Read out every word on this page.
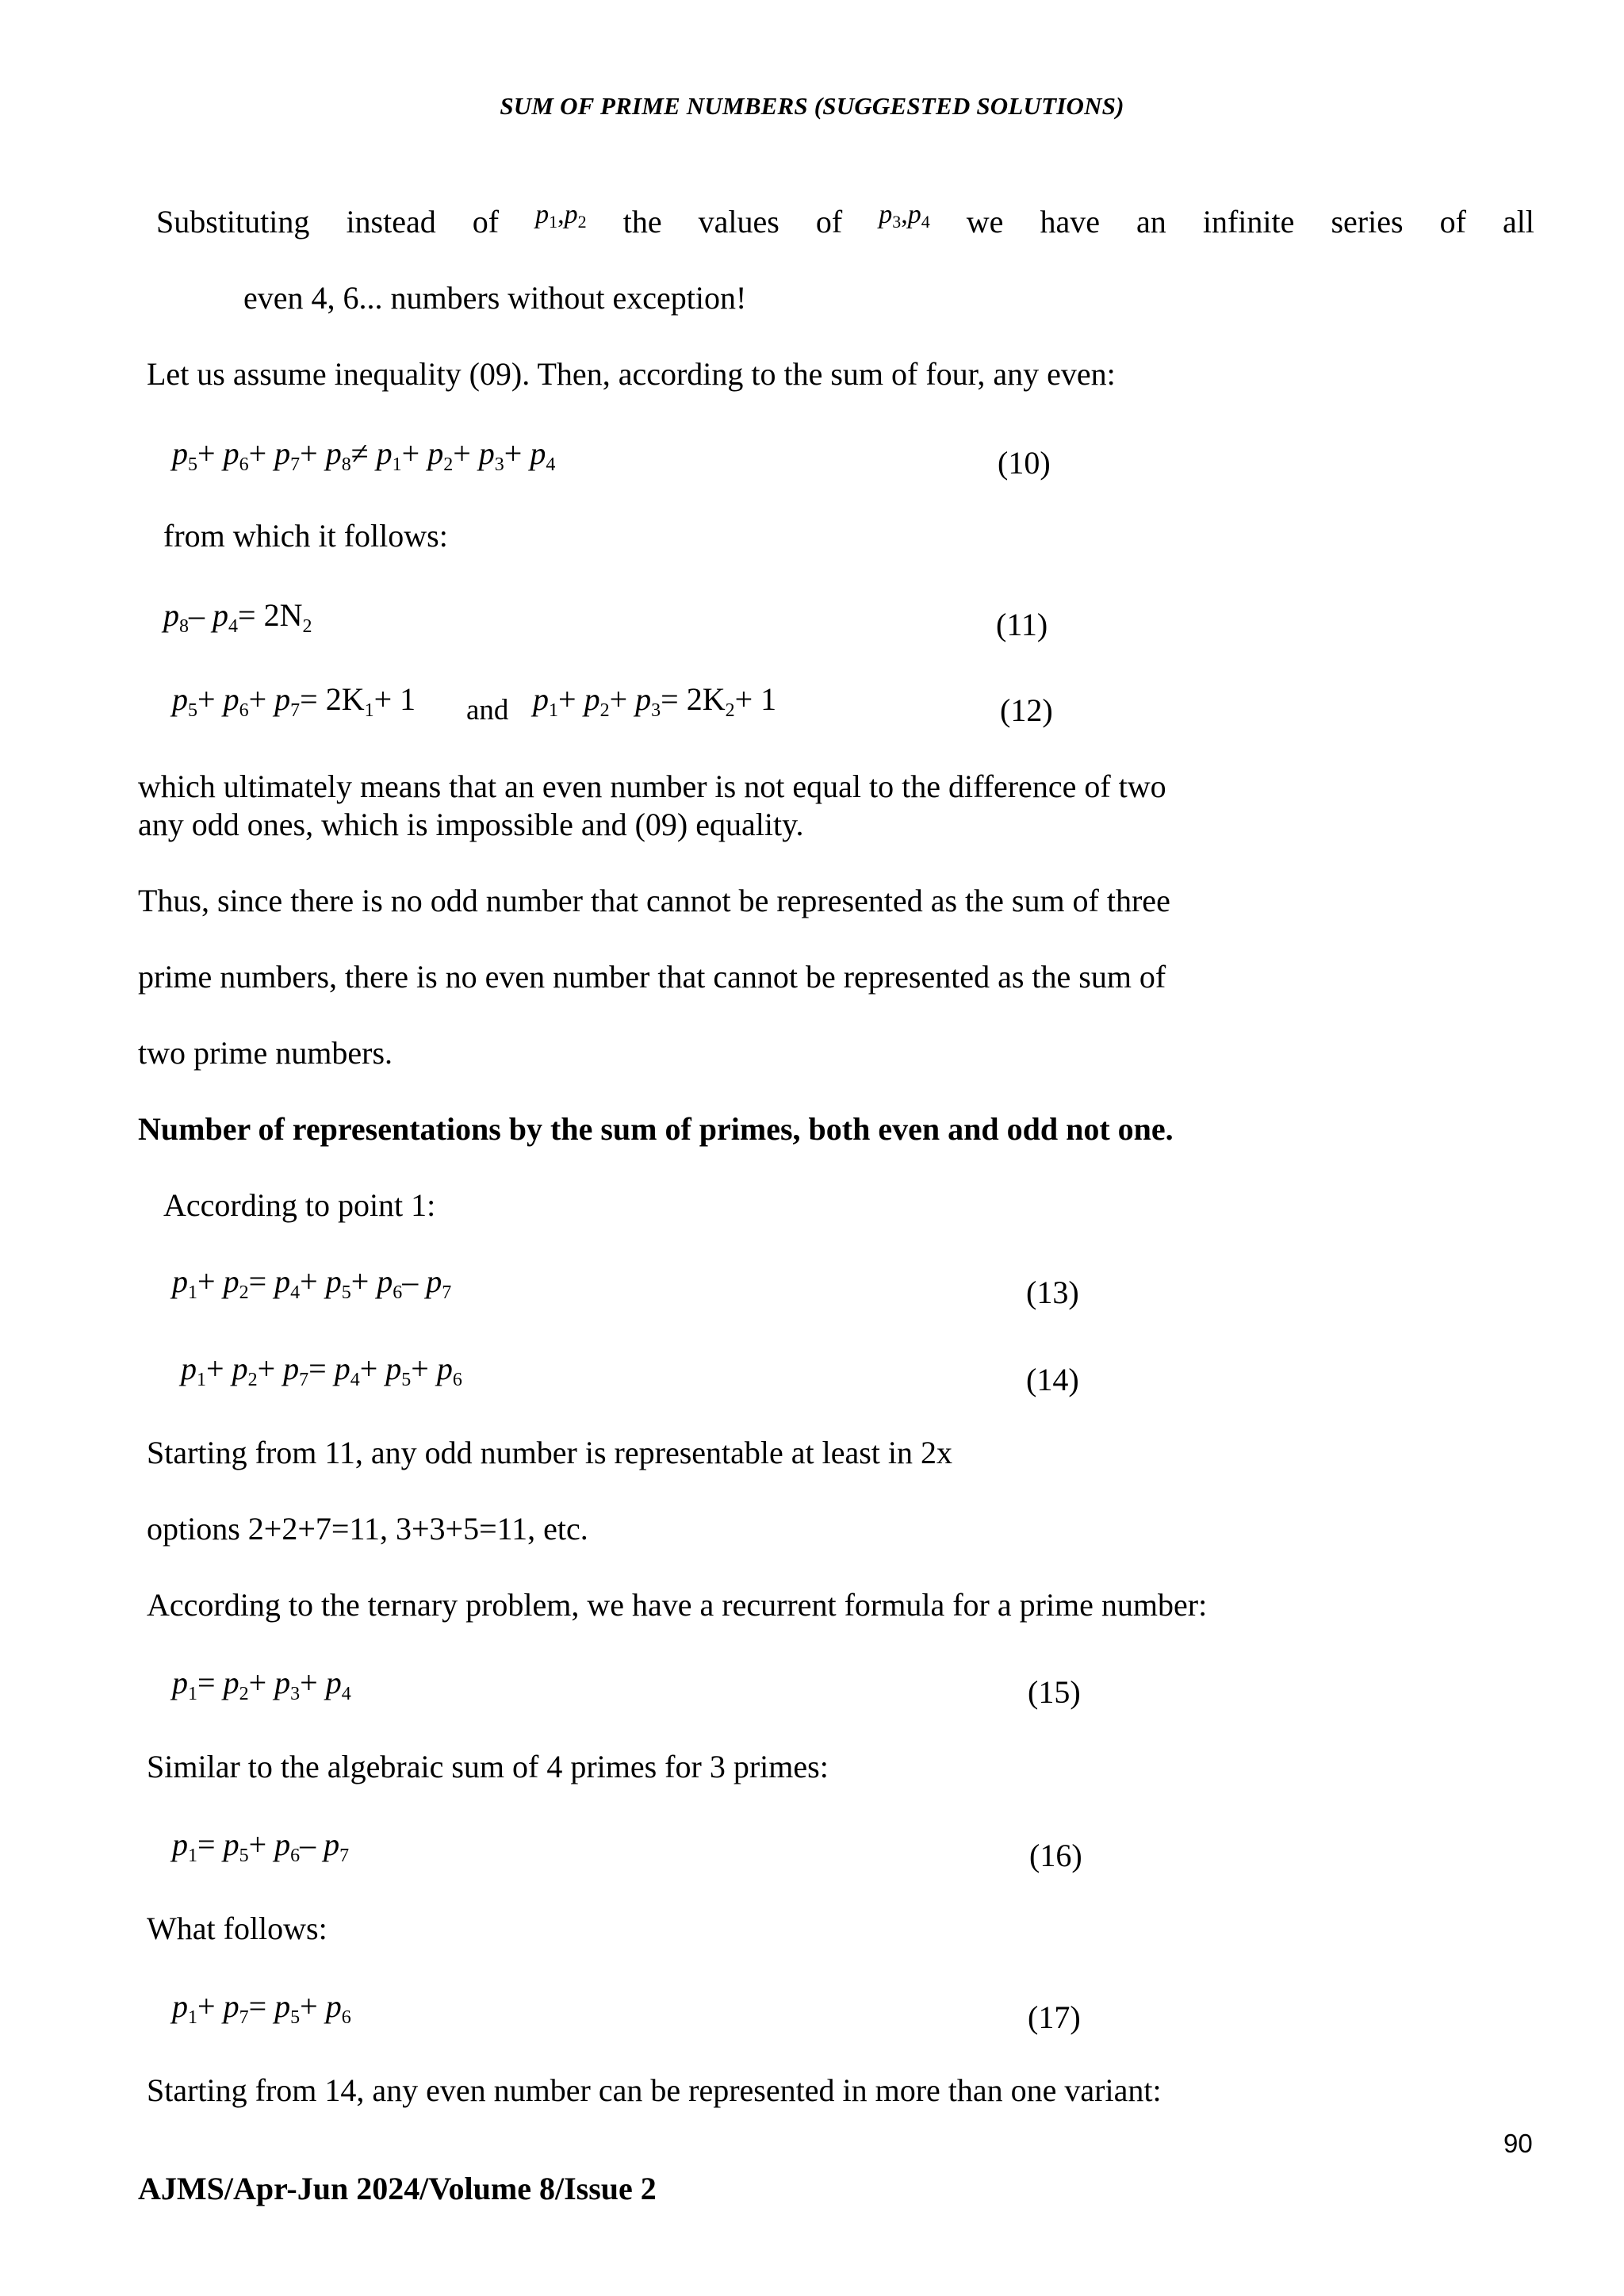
SUM OF PRIME NUMBERS (SUGGESTED SOLUTIONS)
Substituting instead of $p_1,p_2$ the values of $p_3,p_4$ we have an infinite series of all
even 4, 6... numbers without exception!
Let us assume inequality (09). Then, according to the sum of four, any even:
$p_5+ p_6+ p_7+ p_8\ne p_1+ p_2+ p_3+ p_4$	(10)
from which it follows:
$p_8-$ $p_4= 2N_2$	(11)
$p_5+ p_6+ p_7= 2K_1+ 1$ and $p_1+ p_2+ p_3= 2K_2+ 1$	(12)
which ultimately means that an even number is not equal to the difference of two
any odd ones, which is impossible and (09) equality.
Thus, since there is no odd number that cannot be represented as the sum of three
prime numbers, there is no even number that cannot be represented as the sum of
two prime numbers.
Number of representations by the sum of primes, both even and odd not one.
According to point 1:
$p_1+ p_2= p_4+ p_5+ p_6-$ $p_7$	(13)
$p_1+ p_2+ p_7= p_4+ p_5+ p_6$	(14)
Starting from 11, any odd number is representable at least in 2x
options 2+2+7=11, 3+3+5=11, etc.
According to the ternary problem, we have a recurrent formula for a prime number:
$p_1= p_2+ p_3+ p_4$	(15)
Similar to the algebraic sum of 4 primes for 3 primes:
$p_1= p_5+ p_6-$ $p_7$	(16)
What follows:
$p_1+ p_7= p_5+ p_6$	(17)
Starting from 14, any even number can be represented in more than one variant:
90
AJMS/Apr-Jun 2024/Volume 8/Issue 2
